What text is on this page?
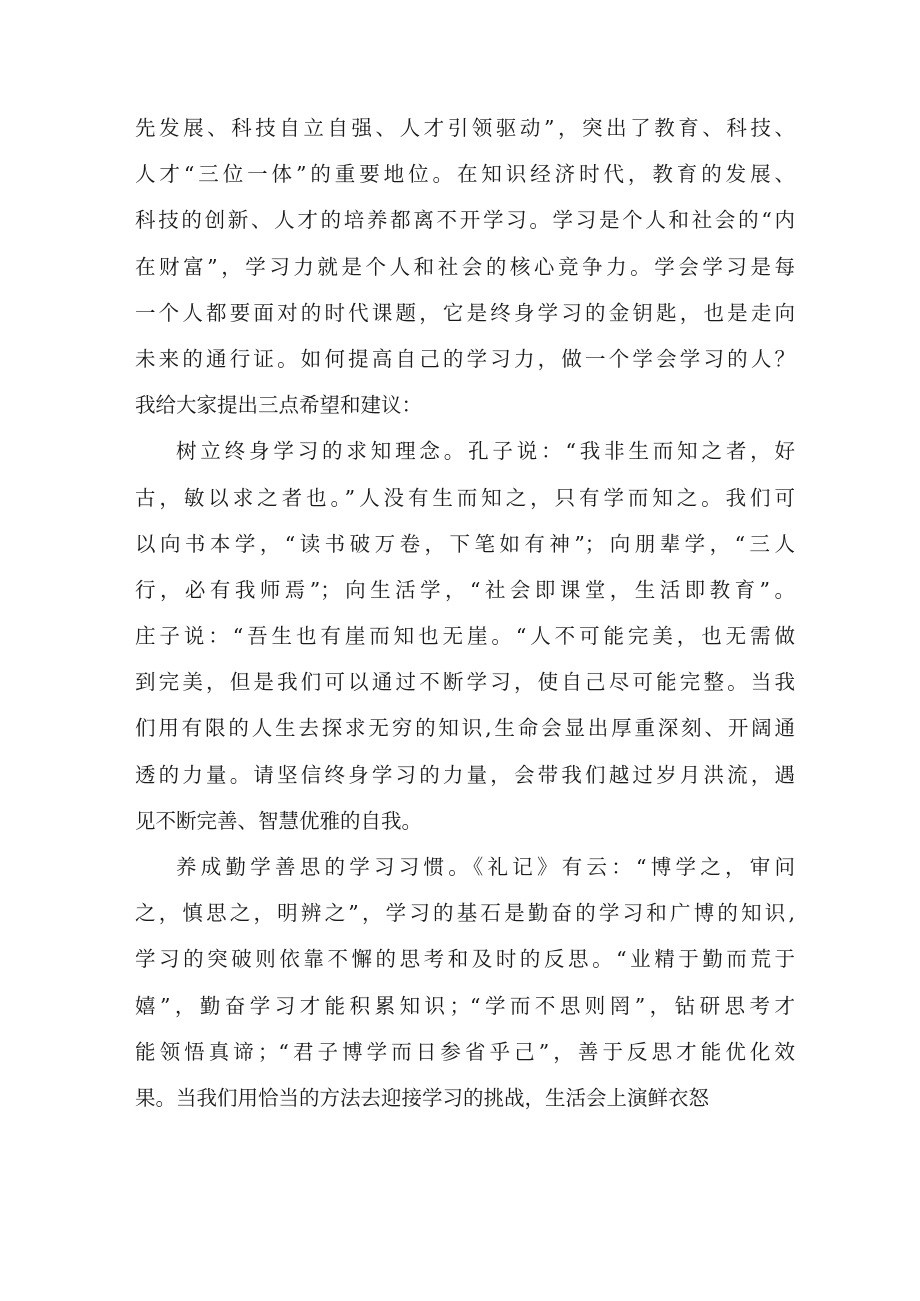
先发展、科技自立自强、人才引领驱动”，突出了教育、科技、
人才“三位一体”的重要地位。在知识经济时代，教育的发展、
科技的创新、人才的培养都离不开学习。学习是个人和社会的“内
在财富”，学习力就是个人和社会的核心竞争力。学会学习是每
一个人都要面对的时代课题，它是终身学习的金钥匙，也是走向
未来的通行证。如何提高自己的学习力，做一个学会学习的人？
我给大家提出三点希望和建议：
树立终身学习的求知理念。孔子说：“我非生而知之者，好
古，敏以求之者也。”人没有生而知之，只有学而知之。我们可
以向书本学，“读书破万卷，下笔如有神”；向朋辈学，“三人
行，必有我师焉”；向生活学，“社会即课堂，生活即教育”。
庄子说：“吾生也有崖而知也无崖。“人不可能完美，也无需做
到完美，但是我们可以通过不断学习，使自己尽可能完整。当我
们用有限的人生去探求无穷的知识,生命会显出厚重深刻、开阔通
透的力量。请坚信终身学习的力量，会带我们越过岁月洪流，遇
见不断完善、智慧优雅的自我。
养成勤学善思的学习习惯。《礼记》有云：“博学之，审问
之，慎思之，明辨之”，学习的基石是勤奋的学习和广博的知识,
学习的突破则依靠不懈的思考和及时的反思。“业精于勤而荒于
嬉”，勤奋学习才能积累知识；“学而不思则罔”，钻研思考才
能领悟真谛；“君子博学而日参省乎己”，善于反思才能优化效
果。当我们用恰当的方法去迎接学习的挑战，生活会上演鲜衣怒
